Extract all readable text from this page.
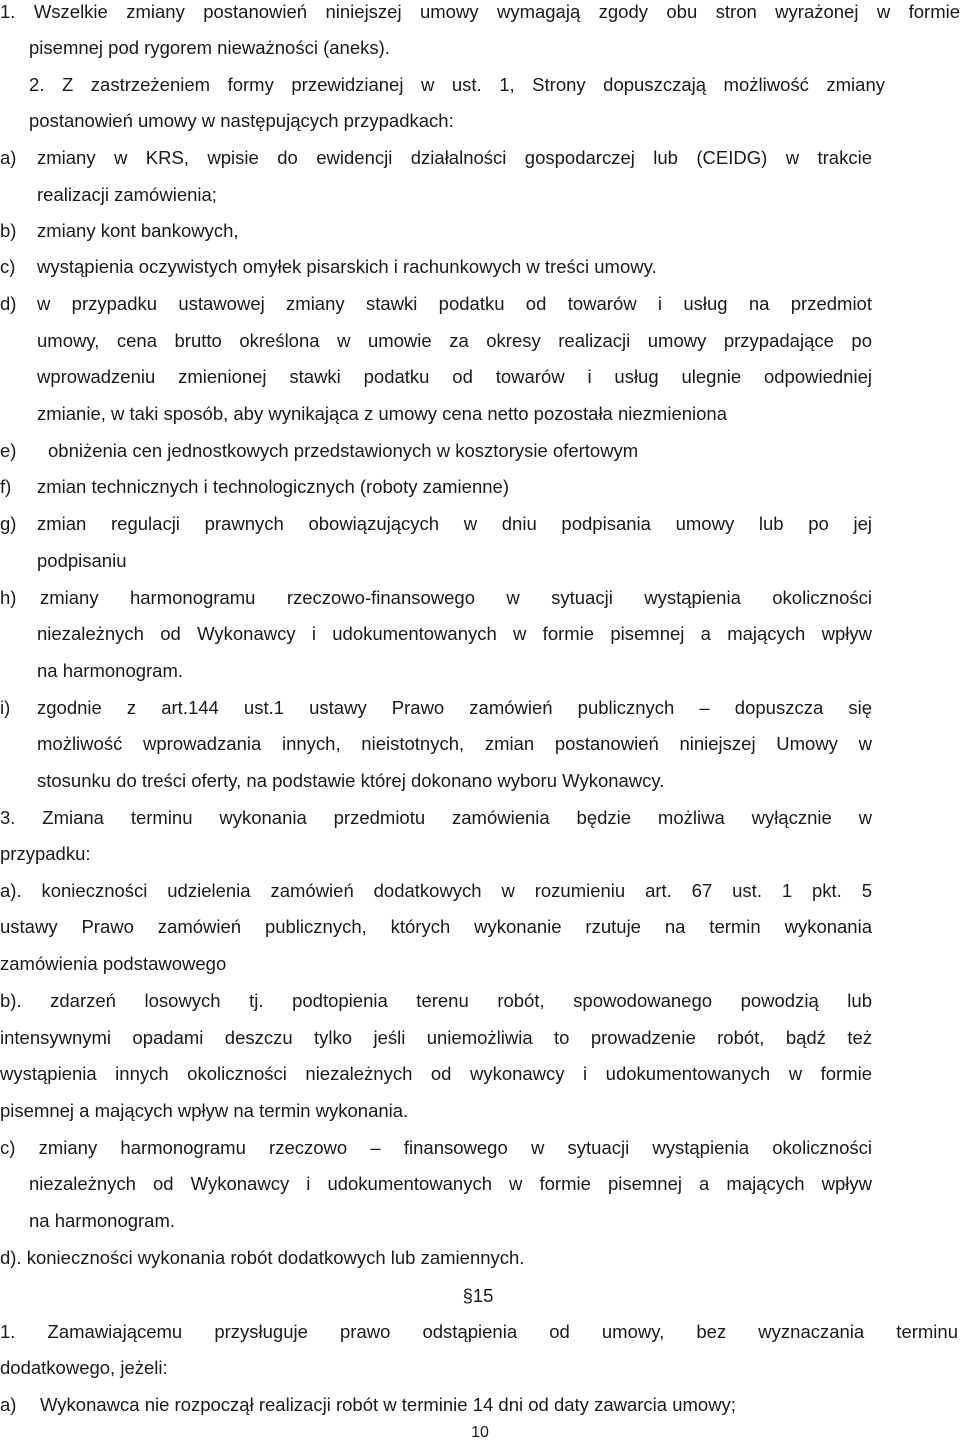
1. Wszelkie zmiany postanowień niniejszej umowy wymagają zgody obu stron wyrażonej w formie

pisemnej pod rygorem nieważności (aneks).

2. Z zastrzeżeniem formy przewidzianej w ust. 1, Strony dopuszczają możliwość zmiany

postanowień umowy w następujących przypadkach:

a) zmiany w KRS, wpisie do ewidencji działalności gospodarczej lub (CEIDG) w trakcie

realizacji zamówienia;

b) zmiany kont bankowych,
c) wystąpienia oczywistych omyłek pisarskich i rachunkowych w treści umowy.
d) w przypadku ustawowej zmiany stawki podatku od towarów i usług na przedmiot

umowy, cena brutto określona w umowie za okresy realizacji umowy przypadające po

wprowadzeniu zmienionej stawki podatku od towarów i usług ulegnie odpowiedniej

zmianie, w taki sposób, aby wynikająca z umowy cena netto pozostała niezmieniona

e) obniżenia cen jednostkowych przedstawionych w kosztorysie ofertowym
f) zmian technicznych i technologicznych (roboty zamienne)
g) zmian regulacji prawnych obowiązujących w dniu podpisania umowy lub po jej

podpisaniu

h) zmiany harmonogramu rzeczowo-finansowego w sytuacji wystąpienia okoliczności

niezależnych od Wykonawcy i udokumentowanych w formie pisemnej a mających wpływ

na harmonogram.

i) zgodnie z art.144 ust.1 ustawy Prawo zamówień publicznych – dopuszcza się

możliwość wprowadzania innych, nieistotnych, zmian postanowień niniejszej Umowy w

stosunku do treści oferty, na podstawie której dokonano wyboru Wykonawcy.

3. Zmiana terminu wykonania przedmiotu zamówienia będzie możliwa wyłącznie w

przypadku:

a). konieczności udzielenia zamówień dodatkowych w rozumieniu art. 67 ust. 1 pkt. 5

ustawy Prawo zamówień publicznych, których wykonanie rzutuje na termin wykonania

zamówienia podstawowego

b). zdarzeń losowych tj. podtopienia terenu robót, spowodowanego powodzią lub

intensywnymi opadami deszczu tylko jeśli uniemożliwia to prowadzenie robót, bądź też

wystąpienia innych okoliczności niezależnych od wykonawcy i udokumentowanych w formie

pisemnej a mających wpływ na termin wykonania.

c) zmiany harmonogramu rzeczowo – finansowego w sytuacji wystąpienia okoliczności

niezależnych od Wykonawcy i udokumentowanych w formie pisemnej a mających wpływ

na harmonogram.

d). konieczności wykonania robót dodatkowych lub zamiennych.

§15

1. Zamawiającemu przysługuje prawo odstąpienia od umowy, bez wyznaczania terminu

dodatkowego, jeżeli:

a) Wykonawca nie rozpoczął realizacji robót w terminie 14 dni od daty zawarcia umowy;
10
